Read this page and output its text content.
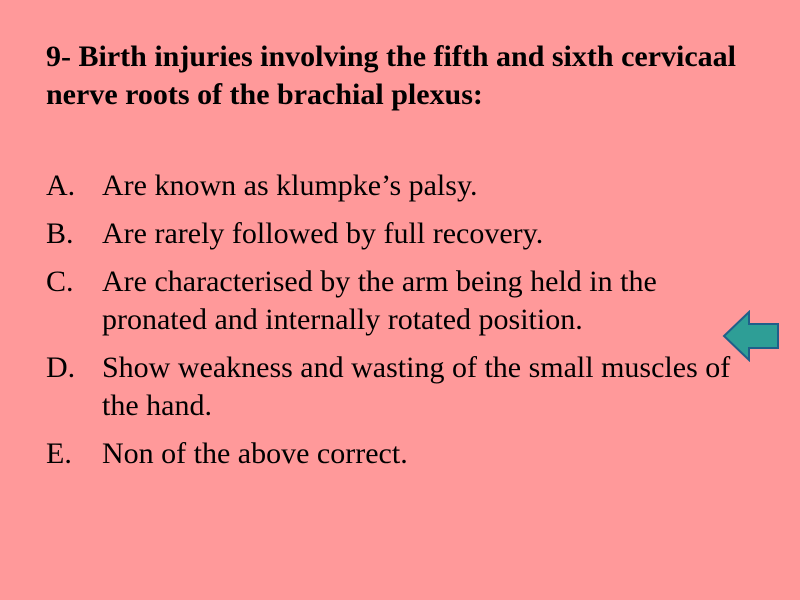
9- Birth injuries involving the fifth and sixth cervicaal nerve roots of the brachial plexus:
A. Are known as klumpke’s palsy.
B. Are rarely followed by full recovery.
C. Are characterised by the arm being held in the pronated and internally rotated position.
D. Show weakness and wasting of the small muscles of the hand.
E. Non of the above correct.
